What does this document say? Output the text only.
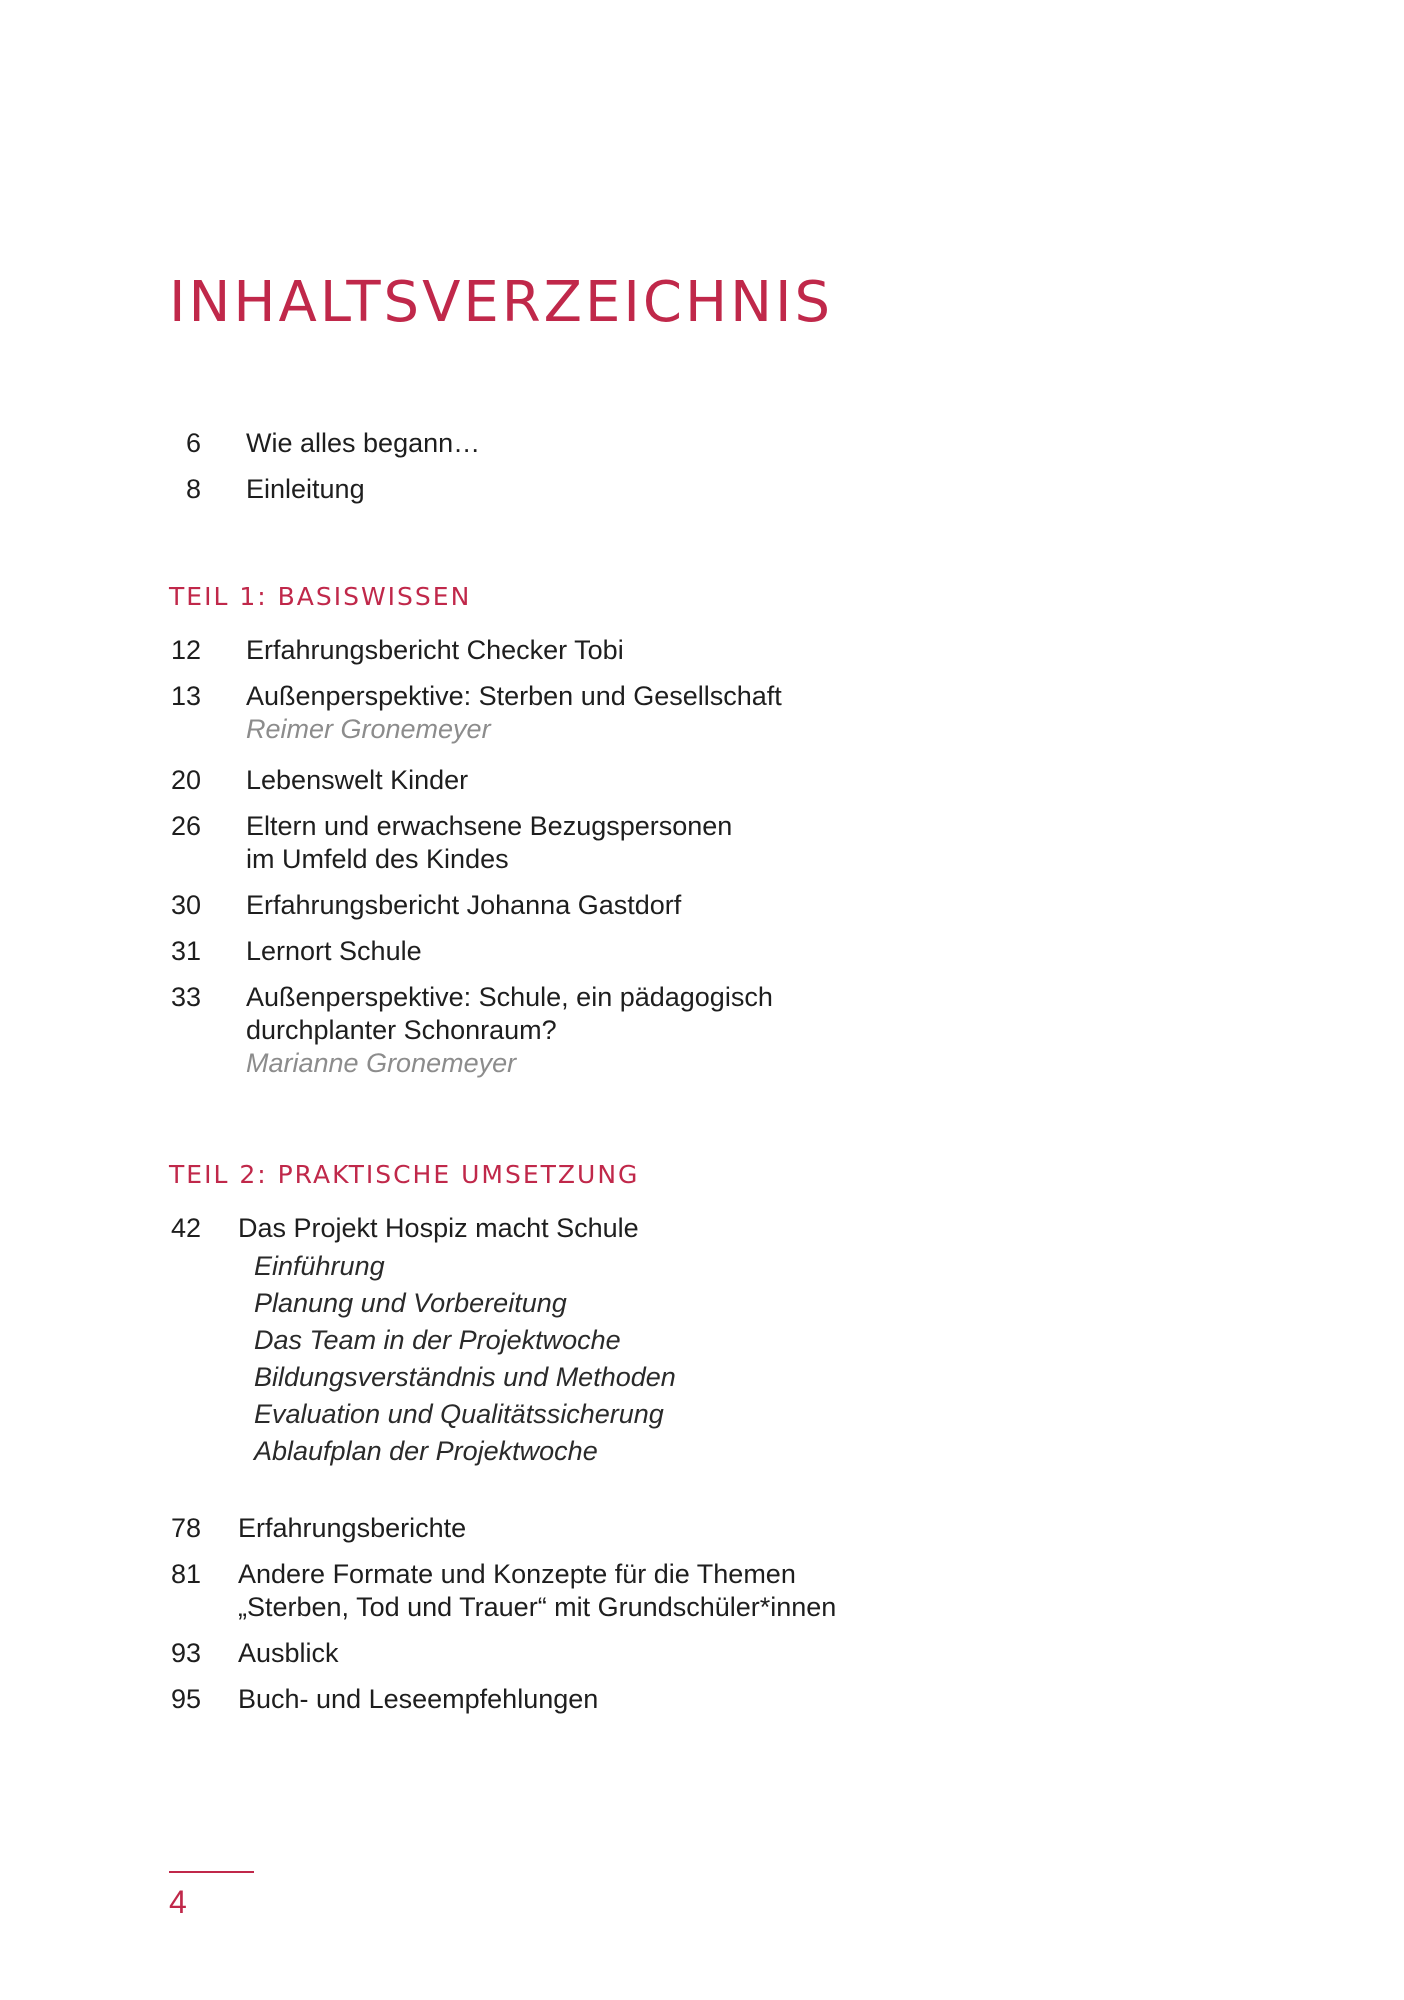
INHALTSVERZEICHNIS
6 Wie alles begann…
8 Einleitung
TEIL 1: BASISWISSEN
12 Erfahrungsbericht Checker Tobi
13 Außenperspektive: Sterben und Gesellschaft
Reimer Gronemeyer
20 Lebenswelt Kinder
26 Eltern und erwachsene Bezugspersonen
im Umfeld des Kindes
30 Erfahrungsbericht Johanna Gastdorf
31 Lernort Schule
33 Außenperspektive: Schule, ein pädagogisch
durchplanter Schonraum?
Marianne Gronemeyer
TEIL 2: PRAKTISCHE UMSETZUNG
42 Das Projekt Hospiz macht Schule
Einführung
Planung und Vorbereitung
Das Team in der Projektwoche
Bildungsverständnis und Methoden
Evaluation und Qualitätssicherung
Ablaufplan der Projektwoche
78 Erfahrungsberichte
81 Andere Formate und Konzepte für die Themen
„Sterben, Tod und Trauer“ mit Grundschüler*innen
93 Ausblick
95 Buch- und Leseempfehlungen
4
